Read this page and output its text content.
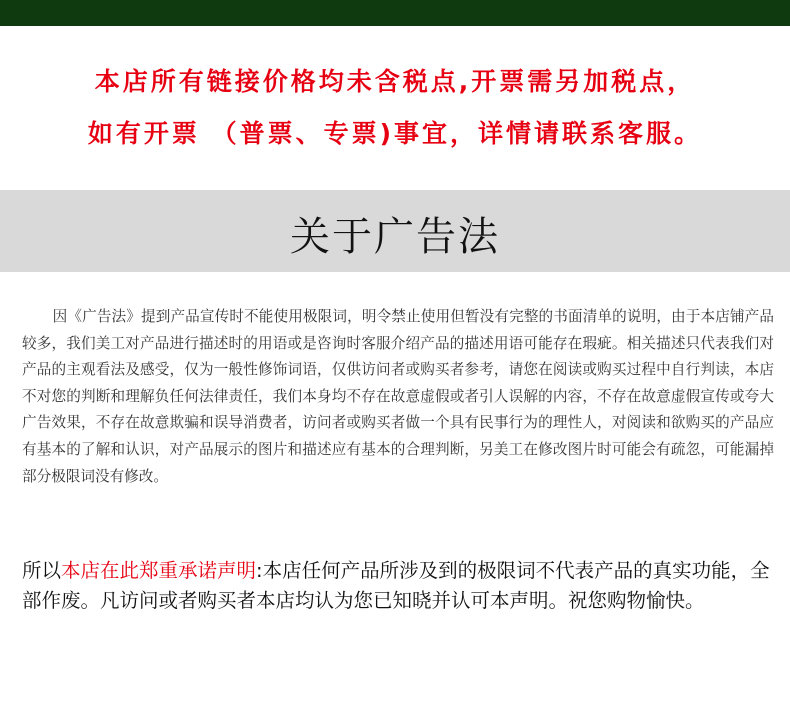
本店所有链接价格均未含税点,开票需另加税点，
如有开票 （普票、专票)事宜，详情请联系客服。
关于广告法

因《广告法》提到产品宣传时不能使用极限词，明令禁止使用但暂没有完整的书面清单的说明，由于本店铺产品较多，我们美工对产品进行描述时的用语或是咨询时客服介绍产品的描述用语可能存在瑕疵。相关描述只代表我们对产品的主观看法及感受，仅为一般性修饰词语，仅供访问者或购买者参考，请您在阅读或购买过程中自行判读，本店不对您的判断和理解负任何法律责任，我们本身均不存在故意虚假或者引人误解的内容，不存在故意虚假宣传或夸大广告效果，不存在故意欺骗和误导消费者，访问者或购买者做一个具有民事行为的理性人，对阅读和欲购买的产品应有基本的了解和认识，对产品展示的图片和描述应有基本的合理判断，另美工在修改图片时可能会有疏忽，可能漏掉部分极限词没有修改。

所以本店在此郑重承诺声明:本店任何产品所涉及到的极限词不代表产品的真实功能，全部作废。凡访问或者购买者本店均认为您已知晓并认可本声明。祝您购物愉快。
